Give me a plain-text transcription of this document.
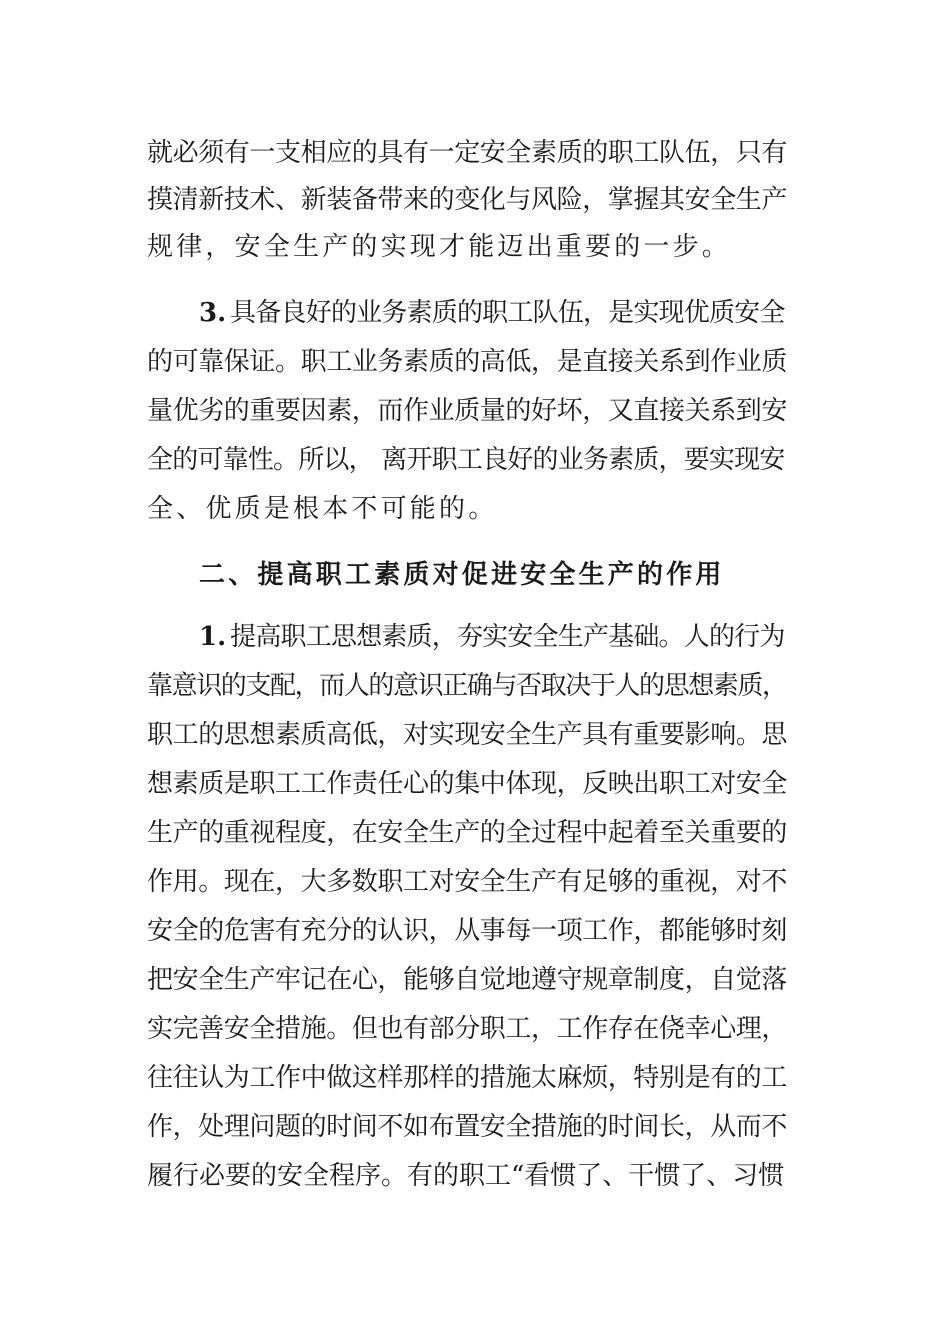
就必须有一支相应的具有一定安全素质的职工队伍，只有
摸清新技术、新装备带来的变化与风险，掌握其安全生产
规律，安全生产的实现才能迈出重要的一步。
3. 具备良好的业务素质的职工队伍，是实现优质安全
的可靠保证。职工业务素质的高低，是直接关系到作业质
量优劣的重要因素，而作业质量的好坏，又直接关系到安
全的可靠性。所以， 离开职工良好的业务素质，要实现安
全、优质是根本不可能的。
二、提高职工素质对促进安全生产的作用
1. 提高职工思想素质，夯实安全生产基础。人的行为
靠意识的支配，而人的意识正确与否取决于人的思想素质，
职工的思想素质高低，对实现安全生产具有重要影响。思
想素质是职工工作责任心的集中体现，反映出职工对安全
生产的重视程度，在安全生产的全过程中起着至关重要的
作用。现在，大多数职工对安全生产有足够的重视，对不
安全的危害有充分的认识，从事每一项工作，都能够时刻
把安全生产牢记在心，能够自觉地遵守规章制度，自觉落
实完善安全措施。但也有部分职工，工作存在侥幸心理，
往往认为工作中做这样那样的措施太麻烦，特别是有的工
作，处理问题的时间不如布置安全措施的时间长，从而不
履行必要的安全程序。有的职工“看惯了、干惯了、习惯
